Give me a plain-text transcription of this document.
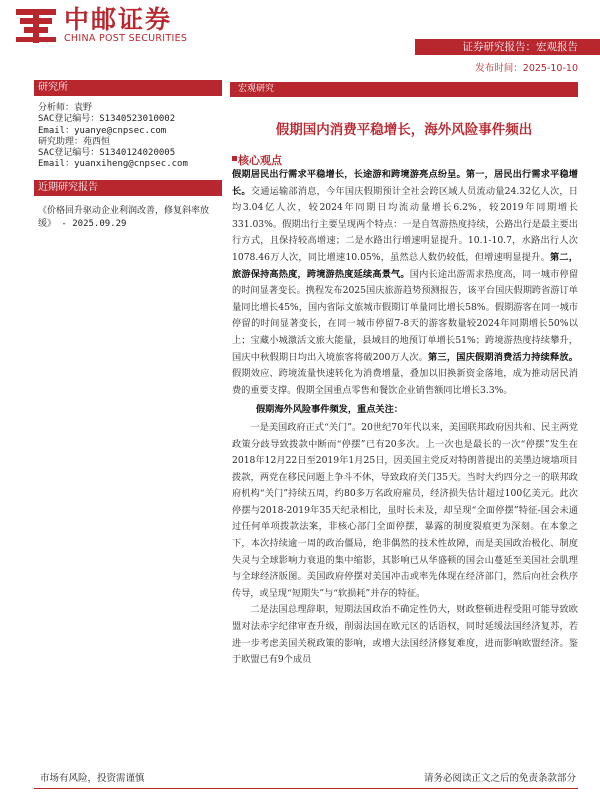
中邮证券
CHINA POST SECURITIES
证券研究报告：宏观报告
发布时间：2025-10-10
研究所
分析师：袁野
SAC登记编号：S1340523010002
Email：yuanye@cnpsec.com
研究助理：苑西恒
SAC登记编号：S1340124020005
Email：yuanxiheng@cnpsec.com
近期研究报告
《价格回升驱动企业利润改善，修复斜率放缓》 - 2025.09.29
宏观研究
假期国内消费平稳增长，海外风险事件频出
核心观点

假期居民出行需求平稳增长，长途游和跨境游亮点纷呈。第一，居民出行需求平稳增长。交通运输部消息，今年国庆假期预计全社会跨区域人员流动量24.32亿人次，日均3.04亿人次，较2024年同期日均流动量增长6.2%，较2019年同期增长331.03%。假期出行主要呈现两个特点：一是自驾游热度持续，公路出行是最主要出行方式，且保持较高增速；二是水路出行增速明显提升。10.1-10.7，水路出行人次1078.46万人次，同比增速10.05%，虽然总人数仍较低，但增速明显提升。第二，旅游保持高热度，跨境游热度延续高景气。国内长途出游需求热度高，同一城市停留的时间显著变长。携程发布2025国庆旅游趋势预测报告，该平台国庆假期跨省游订单量同比增长45%，国内省际文旅城市假期订单量同比增长58%。假期游客在同一城市停留的时间显著变长，在同一城市停留7-8天的游客数量较2024年同期增长50%以上；宝藏小城激活文旅大能量，县域目的地预订单增长51%；跨境游热度持续攀升，国庆中秋假期日均出入境旅客将破200万人次。第三，国庆假期消费活力持续释放。假期效应、跨境流量快速转化为消费增量，叠加以旧换新资金落地，成为推动居民消费的重要支撑。假期全国重点零售和餐饮企业销售额同比增长3.3%。

假期海外风险事件频发，重点关注：

一是美国政府正式“关门”。20世纪70年代以来，美国联邦政府因共和、民主两党政策分歧导致拨款中断而“停摆”已有20多次。上一次也是最长的一次“停摆”发生在2018年12月22日至2019年1月25日，因美国主党反对特朗普提出的美墨边境墙项目拨款，两党在移民问题上争斗不休，导致政府关门35天。当时大约四分之一的联邦政府机构“关门”持续五周，约80多万名政府雇员，经济损失估计超过100亿美元。此次停摆与2018-2019年35天纪录相比，虽时长未及，却呈现“全面停摆”特征-国会未通过任何单项拨款法案，非核心部门全面停摆，暴露的制度裂痕更为深刻。在本象之下，本次持续逾一周的政治僵局，绝非偶然的技术性故障，而是美国政治极化、制度失灵与全球影响力衰退的集中缩影，其影响已从华盛顿的国会山蔓延至美国社会肌理与全球经济版图。美国政府停摆对美国冲击或率先体现在经济部门，然后向社会秩序传导，或呈现“短期失”与“软损耗”并存的特征。

二是法国总理辞职，短期法国政治不确定性仍大，财政整顿进程受阻可能导致欧盟对法赤字纪律审查升级，削弱法国在欧元区的话语权，同时延缓法国经济复苏，若进一步考虑美国关税政策的影响，或增大法国经济修复难度，进而影响欧盟经济。鉴于欧盟已有9个成员

市场有风险，投资需谨慎	请务必阅读正文之后的免责条款部分
